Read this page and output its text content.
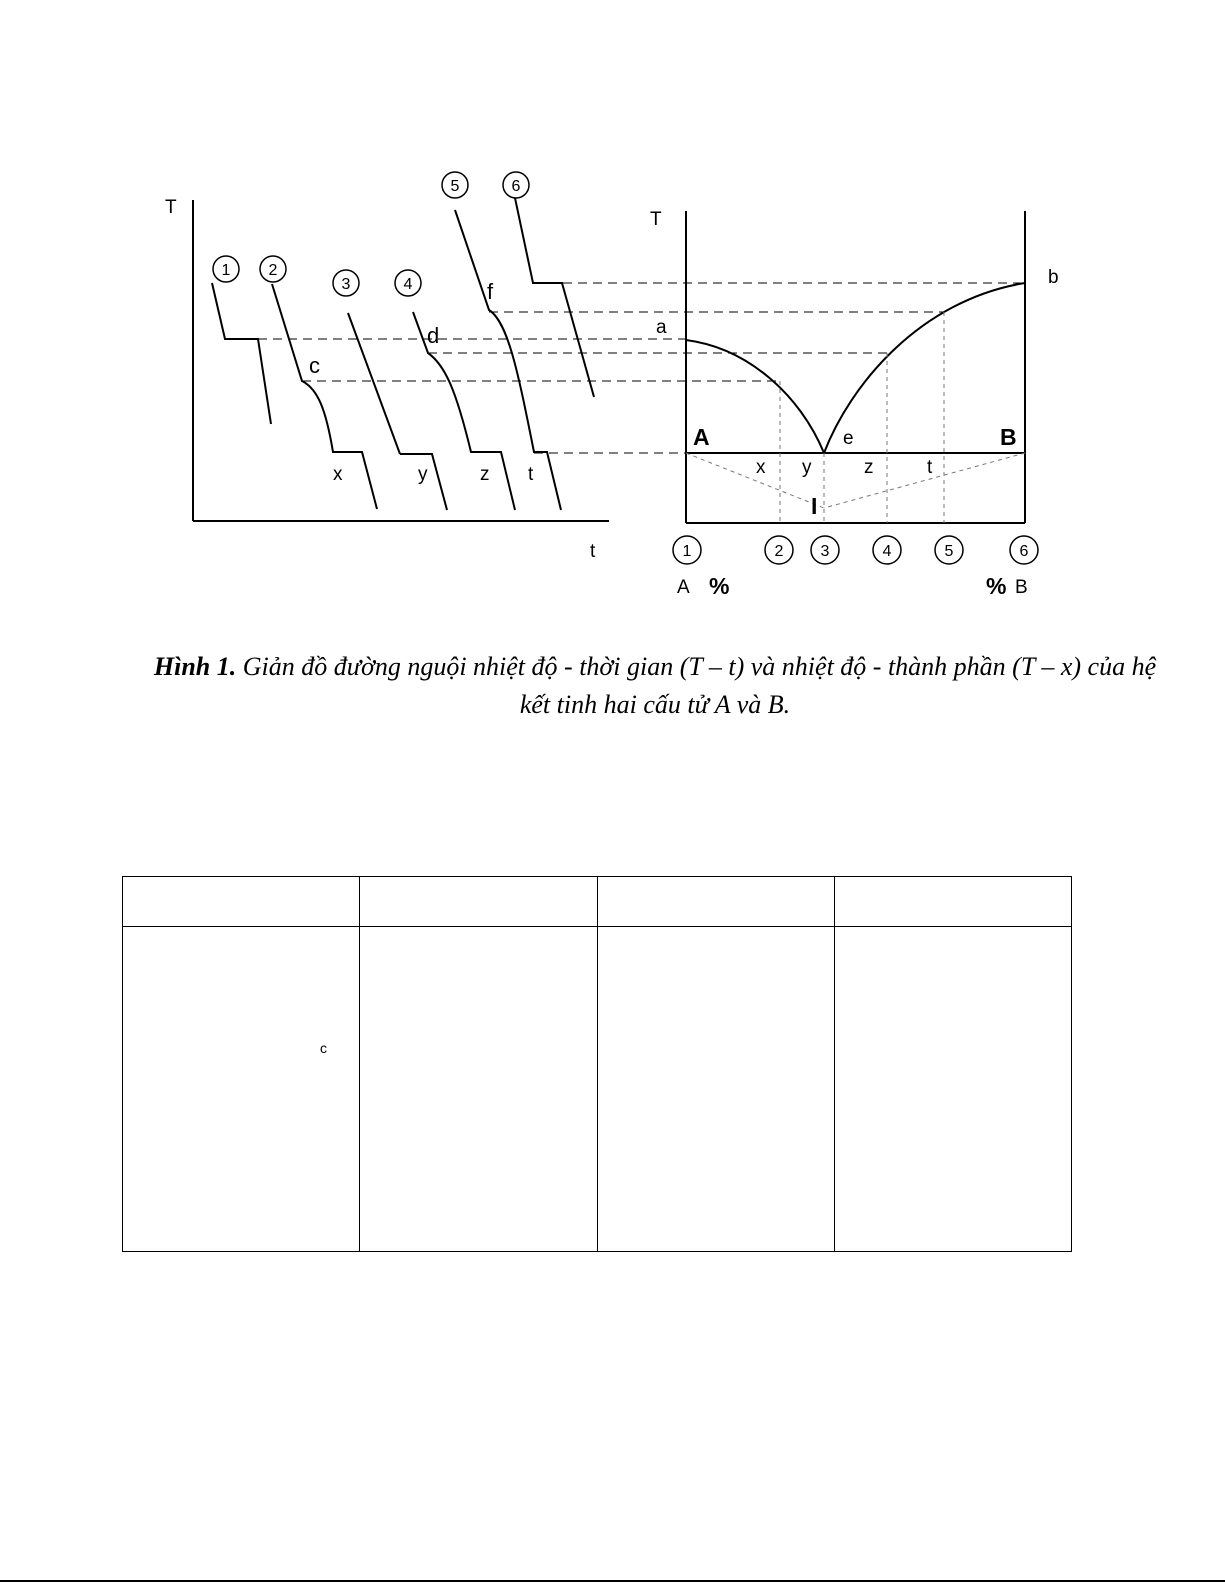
1 2
3	4
5	6
T
t
c
d
f
x	y	z t
T
a
b
A	B
e
x y	z	t
I
1	2 3	4	5	6
A %	% B
Hình 1. Giản đồ đường nguội nhiệt độ - thời gian (T – t) và nhiệt độ - thành phần (T – x) của hệ kết tinh hai cấu tử A và B.

c			
